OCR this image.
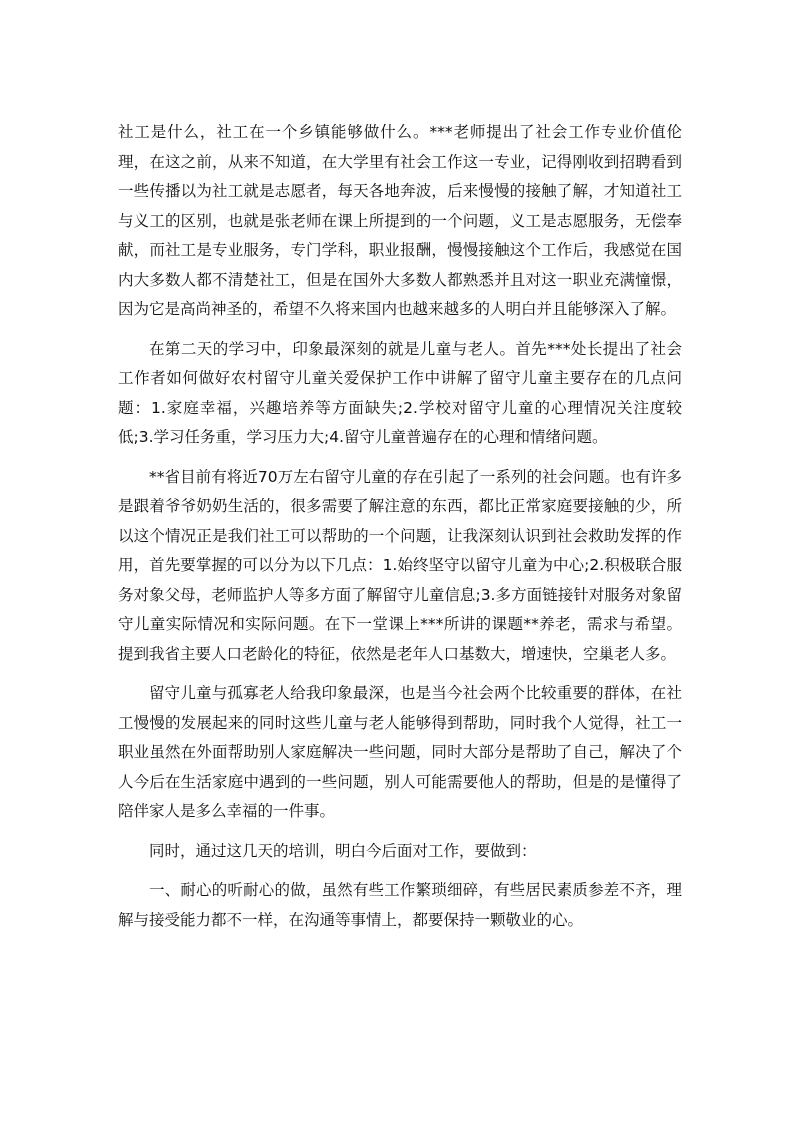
社工是什么，社工在一个乡镇能够做什么。***老师提出了社会工作专业价值伦理，在这之前，从来不知道，在大学里有社会工作这一专业，记得刚收到招聘看到一些传播以为社工就是志愿者，每天各地奔波，后来慢慢的接触了解，才知道社工与义工的区别，也就是张老师在课上所提到的一个问题，义工是志愿服务，无偿奉献，而社工是专业服务，专门学科，职业报酬，慢慢接触这个工作后，我感觉在国内大多数人都不清楚社工，但是在国外大多数人都熟悉并且对这一职业充满憧憬，因为它是高尚神圣的，希望不久将来国内也越来越多的人明白并且能够深入了解。

在第二天的学习中，印象最深刻的就是儿童与老人。首先***处长提出了社会工作者如何做好农村留守儿童关爱保护工作中讲解了留守儿童主要存在的几点问题：1.家庭幸福，兴趣培养等方面缺失;2.学校对留守儿童的心理情况关注度较低;3.学习任务重，学习压力大;4.留守儿童普遍存在的心理和情绪问题。

**省目前有将近70万左右留守儿童的存在引起了一系列的社会问题。也有许多是跟着爷爷奶奶生活的，很多需要了解注意的东西，都比正常家庭要接触的少，所以这个情况正是我们社工可以帮助的一个问题，让我深刻认识到社会救助发挥的作用，首先要掌握的可以分为以下几点：1.始终坚守以留守儿童为中心;2.积极联合服务对象父母，老师监护人等多方面了解留守儿童信息;3.多方面链接针对服务对象留守儿童实际情况和实际问题。在下一堂课上***所讲的课题**养老，需求与希望。提到我省主要人口老龄化的特征，依然是老年人口基数大，增速快，空巢老人多。

留守儿童与孤寡老人给我印象最深，也是当今社会两个比较重要的群体，在社工慢慢的发展起来的同时这些儿童与老人能够得到帮助，同时我个人觉得，社工一职业虽然在外面帮助别人家庭解决一些问题，同时大部分是帮助了自己，解决了个人今后在生活家庭中遇到的一些问题，别人可能需要他人的帮助，但是的是懂得了陪伴家人是多么幸福的一件事。

同时，通过这几天的培训，明白今后面对工作，要做到：

一、耐心的听耐心的做，虽然有些工作繁琐细碎，有些居民素质参差不齐，理解与接受能力都不一样，在沟通等事情上，都要保持一颗敬业的心。
